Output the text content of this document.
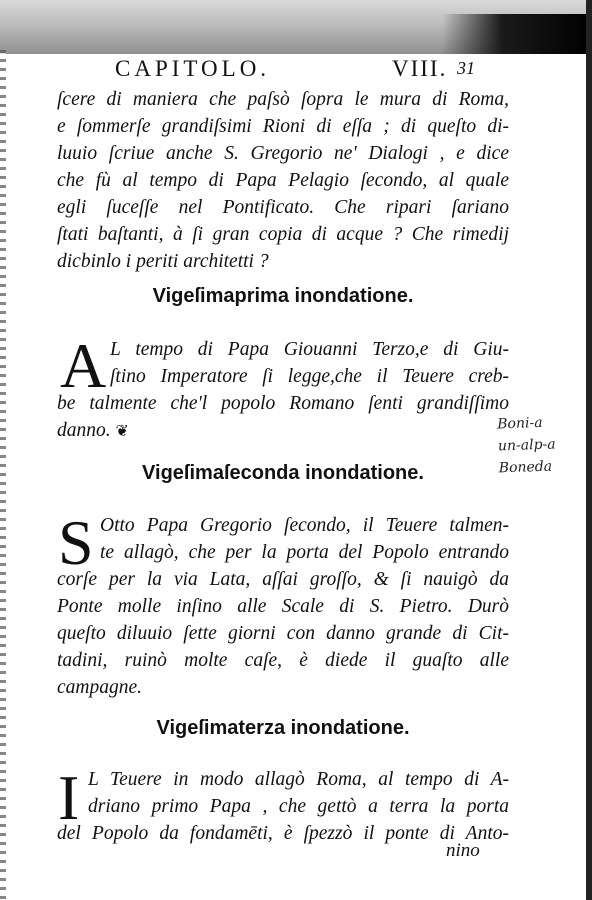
CAPITOLO.	VIII. 31
ſcere di maniera che paſsò ſopra le mura di Roma,
e ſommerſe grandiſsimi Rioni di eſſa ; di queſto di-
luuio ſcriue anche S. Gregorio ne' Dialogi , e dice
che fù al tempo di Papa Pelagio ſecondo, al quale
egli ſuceſſe nel Pontificato. Che ripari ſariano
ſtati baſtanti, à ſi gran copia di acque ? Che rimedij
dicbinlo i periti architetti ?
Vigeſimaprima inondatione.
A L tempo di Papa Giouanni Terzo,e di Giu-
ſtino Imperatore ſi legge,che il Teuere creb-
be talmente che'l popolo Romano ſenti grandiſſimo
danno. ❦	Boni-a
un-alp-a
Boneda
Vigeſimaſeconda inondatione.
S Otto Papa Gregorio ſecondo, il Teuere talmen-
te allagò, che per la porta del Popolo entrando
corſe per la via Lata, aſſai groſſo, & ſi nauigò da
Ponte molle inſino alle Scale di S. Pietro. Durò
queſto diluuio ſette giorni con danno grande di Cit-
tadini, ruinò molte caſe, è diede il guaſto alle
campagne.
Vigeſimaterza inondatione.
I L Teuere in modo allagò Roma, al tempo di A-
driano primo Papa , che gettò a terra la porta
del Popolo da fondamēti, è ſpezzò il ponte di Anto-
nino
